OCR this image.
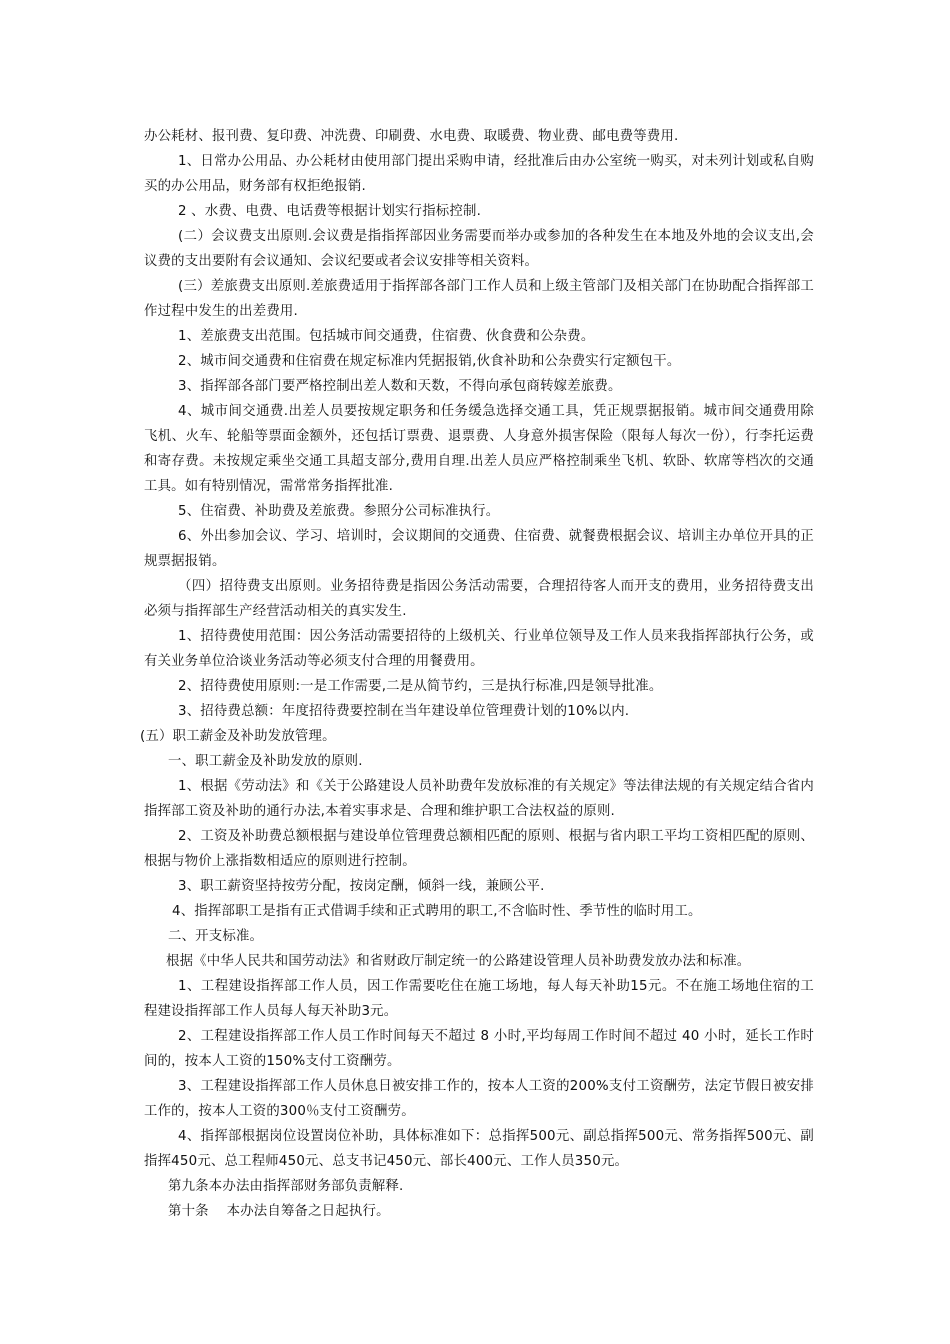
办公耗材、报刊费、复印费、冲洗费、印刷费、水电费、取暖费、物业费、邮电费等费用.

1、日常办公用品、办公耗材由使用部门提出采购申请，经批准后由办公室统一购买，对未列计划或私自购买的办公用品，财务部有权拒绝报销.

2 、水费、电费、电话费等根据计划实行指标控制.

(二）会议费支出原则.会议费是指指挥部因业务需要而举办或参加的各种发生在本地及外地的会议支出,会议费的支出要附有会议通知、会议纪要或者会议安排等相关资料。

(三）差旅费支出原则.差旅费适用于指挥部各部门工作人员和上级主管部门及相关部门在协助配合指挥部工作过程中发生的出差费用.

1、差旅费支出范围。包括城市间交通费，住宿费、伙食费和公杂费。

2、城市间交通费和住宿费在规定标准内凭据报销,伙食补助和公杂费实行定额包干。

3、指挥部各部门要严格控制出差人数和天数，不得向承包商转嫁差旅费。

4、城市间交通费.出差人员要按规定职务和任务缓急选择交通工具，凭正规票据报销。城市间交通费用除飞机、火车、轮船等票面金额外，还包括订票费、退票费、人身意外损害保险（限每人每次一份），行李托运费和寄存费。未按规定乘坐交通工具超支部分,费用自理.出差人员应严格控制乘坐飞机、软卧、软席等档次的交通工具。如有特别情况，需常常务指挥批准.

5、住宿费、补助费及差旅费。参照分公司标准执行。

6、外出参加会议、学习、培训时，会议期间的交通费、住宿费、就餐费根据会议、培训主办单位开具的正规票据报销。

（四）招待费支出原则。业务招待费是指因公务活动需要，合理招待客人而开支的费用，业务招待费支出必须与指挥部生产经营活动相关的真实发生.

1、招待费使用范围：因公务活动需要招待的上级机关、行业单位领导及工作人员来我指挥部执行公务，或有关业务单位洽谈业务活动等必须支付合理的用餐费用。

2、招待费使用原则:一是工作需要,二是从简节约，三是执行标准,四是领导批准。

3、招待费总额：年度招待费要控制在当年建设单位管理费计划的10%以内.

(五）职工薪金及补助发放管理。

一、职工薪金及补助发放的原则.

1、根据《劳动法》和《关于公路建设人员补助费年发放标准的有关规定》等法律法规的有关规定结合省内指挥部工资及补助的通行办法,本着实事求是、合理和维护职工合法权益的原则.

2、工资及补助费总额根据与建设单位管理费总额相匹配的原则、根据与省内职工平均工资相匹配的原则、根据与物价上涨指数相适应的原则进行控制。

3、职工薪资坚持按劳分配，按岗定酬，倾斜一线，兼顾公平.

4、指挥部职工是指有正式借调手续和正式聘用的职工,不含临时性、季节性的临时用工。

二、开支标准。

根据《中华人民共和国劳动法》和省财政厅制定统一的公路建设管理人员补助费发放办法和标准。

1、工程建设指挥部工作人员，因工作需要吃住在施工场地，每人每天补助15元。不在施工场地住宿的工程建设指挥部工作人员每人每天补助3元。

2、工程建设指挥部工作人员工作时间每天不超过 8 小时,平均每周工作时间不超过 40 小时，延长工作时间的，按本人工资的150%支付工资酬劳。

3、工程建设指挥部工作人员休息日被安排工作的，按本人工资的200%支付工资酬劳，法定节假日被安排工作的，按本人工资的300％支付工资酬劳。

4、指挥部根据岗位设置岗位补助，具体标准如下：总指挥500元、副总指挥500元、常务指挥500元、副指挥450元、总工程师450元、总支书记450元、部长400元、工作人员350元。

第九条本办法由指挥部财务部负责解释.

第十条    本办法自筹备之日起执行。
